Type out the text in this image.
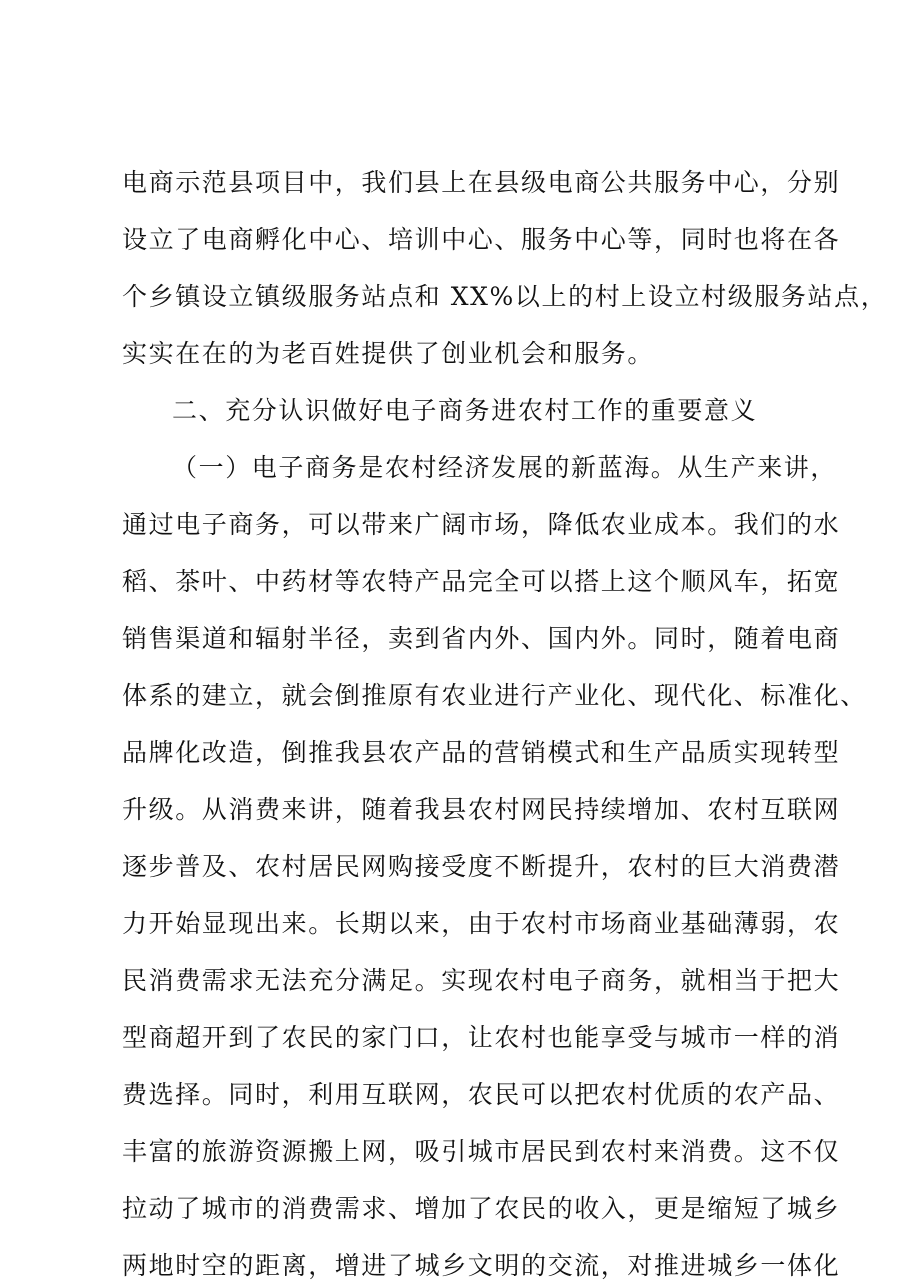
电商示范县项目中，我们县上在县级电商公共服务中心，分别
设立了电商孵化中心、培训中心、服务中心等，同时也将在各
个乡镇设立镇级服务站点和 XX%以上的村上设立村级服务站点，
实实在在的为老百姓提供了创业机会和服务。
二、充分认识做好电子商务进农村工作的重要意义
（一）电子商务是农村经济发展的新蓝海。从生产来讲，
通过电子商务，可以带来广阔市场，降低农业成本。我们的水
稻、茶叶、中药材等农特产品完全可以搭上这个顺风车，拓宽
销售渠道和辐射半径，卖到省内外、国内外。同时，随着电商
体系的建立，就会倒推原有农业进行产业化、现代化、标准化、
品牌化改造，倒推我县农产品的营销模式和生产品质实现转型
升级。从消费来讲，随着我县农村网民持续增加、农村互联网
逐步普及、农村居民网购接受度不断提升，农村的巨大消费潜
力开始显现出来。长期以来，由于农村市场商业基础薄弱，农
民消费需求无法充分满足。实现农村电子商务，就相当于把大
型商超开到了农民的家门口，让农村也能享受与城市一样的消
费选择。同时，利用互联网，农民可以把农村优质的农产品、
丰富的旅游资源搬上网，吸引城市居民到农村来消费。这不仅
拉动了城市的消费需求、增加了农民的收入，更是缩短了城乡
两地时空的距离，增进了城乡文明的交流，对推进城乡一体化
